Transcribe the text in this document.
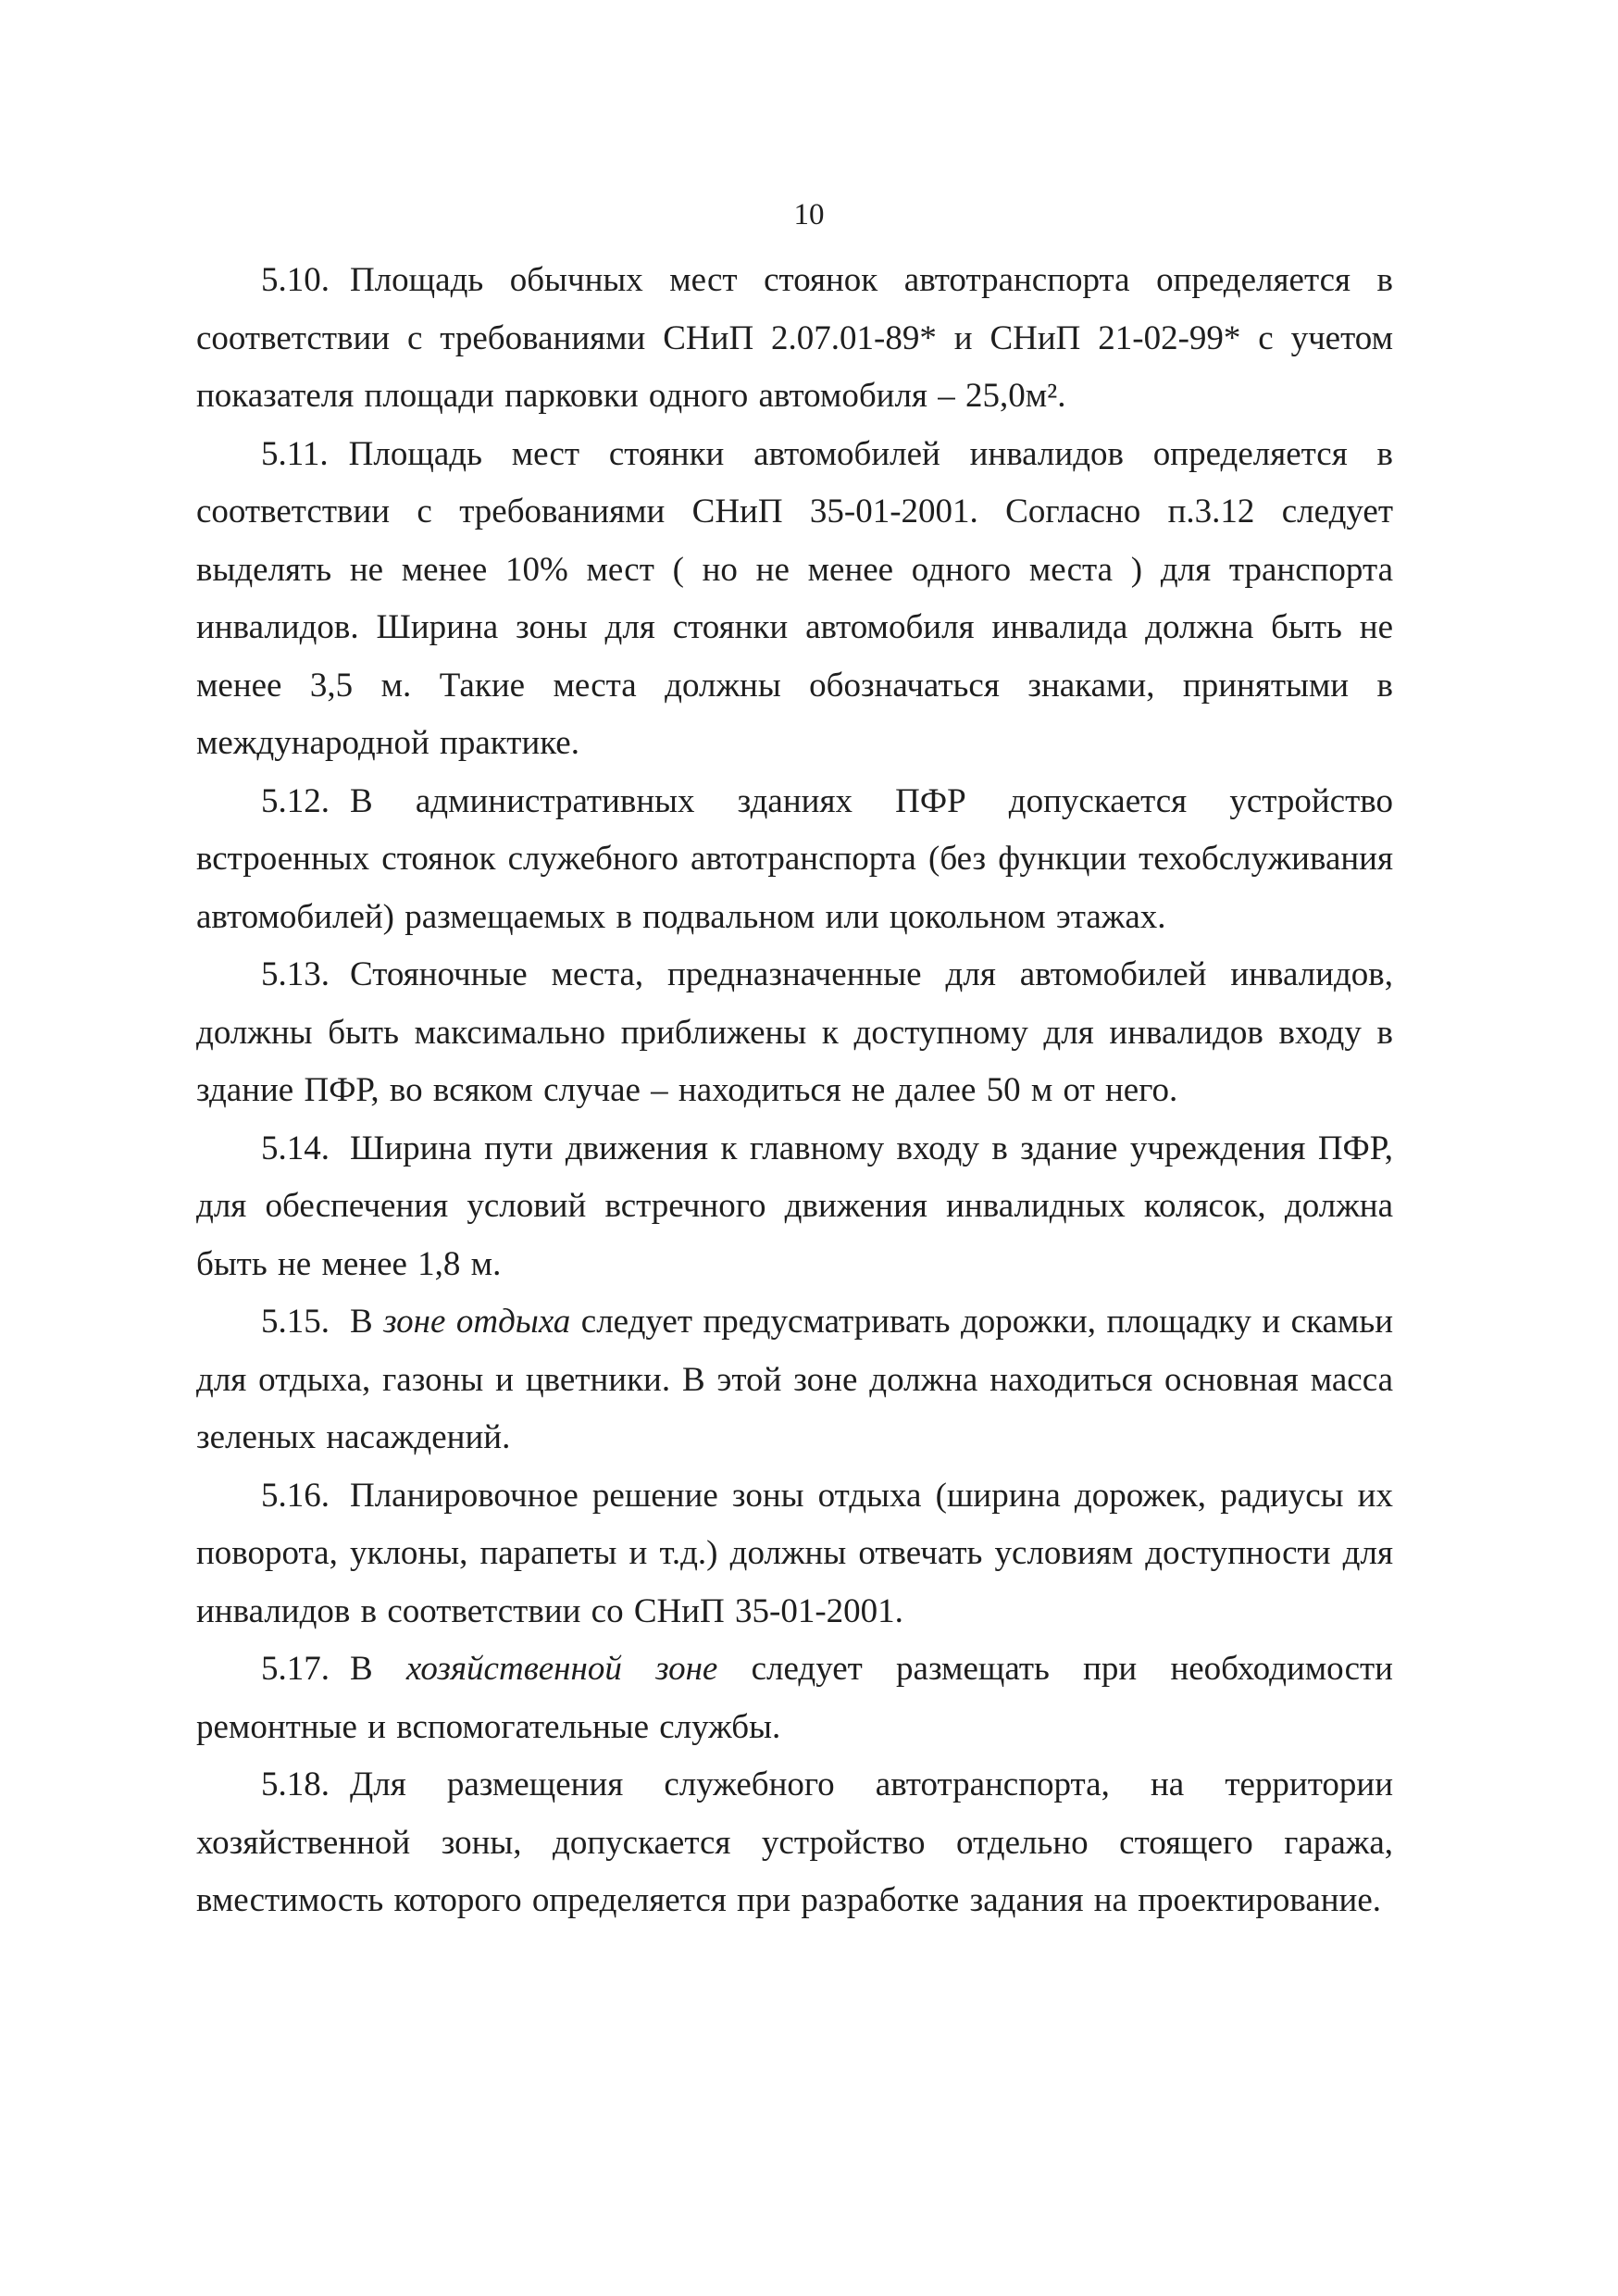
10

5.10. Площадь обычных мест стоянок автотранспорта определяется в соответствии с требованиями СНиП 2.07.01-89* и СНиП 21-02-99* с учетом показателя площади парковки одного автомобиля – 25,0м².

5.11. Площадь мест стоянки автомобилей инвалидов определяется в соответствии с требованиями СНиП 35-01-2001. Согласно п.3.12 следует выделять не менее 10% мест ( но не менее одного места ) для транспорта инвалидов. Ширина зоны для стоянки автомобиля инвалида должна быть не менее 3,5 м. Такие места должны обозначаться знаками, принятыми в международной практике.

5.12. В административных зданиях ПФР допускается устройство встроенных стоянок служебного автотранспорта (без функции техобслуживания автомобилей) размещаемых в подвальном или цокольном этажах.

5.13. Стояночные места, предназначенные для автомобилей инвалидов, должны быть максимально приближены к доступному для инвалидов входу в здание ПФР, во всяком случае – находиться не далее 50 м от него.

5.14. Ширина пути движения к главному входу в здание учреждения ПФР, для обеспечения условий встречного движения инвалидных колясок, должна быть не менее 1,8 м.

5.15. В зоне отдыха следует предусматривать дорожки, площадку и скамьи для отдыха, газоны и цветники. В этой зоне должна находиться основная масса зеленых насаждений.

5.16. Планировочное решение зоны отдыха (ширина дорожек, радиусы их поворота, уклоны, парапеты и т.д.) должны отвечать условиям доступности для инвалидов в соответствии со СНиП 35-01-2001.

5.17. В хозяйственной зоне следует размещать при необходимости ремонтные и вспомогательные службы.

5.18. Для размещения служебного автотранспорта, на территории хозяйственной зоны, допускается устройство отдельно стоящего гаража, вместимость которого определяется при разработке задания на проектирование.
